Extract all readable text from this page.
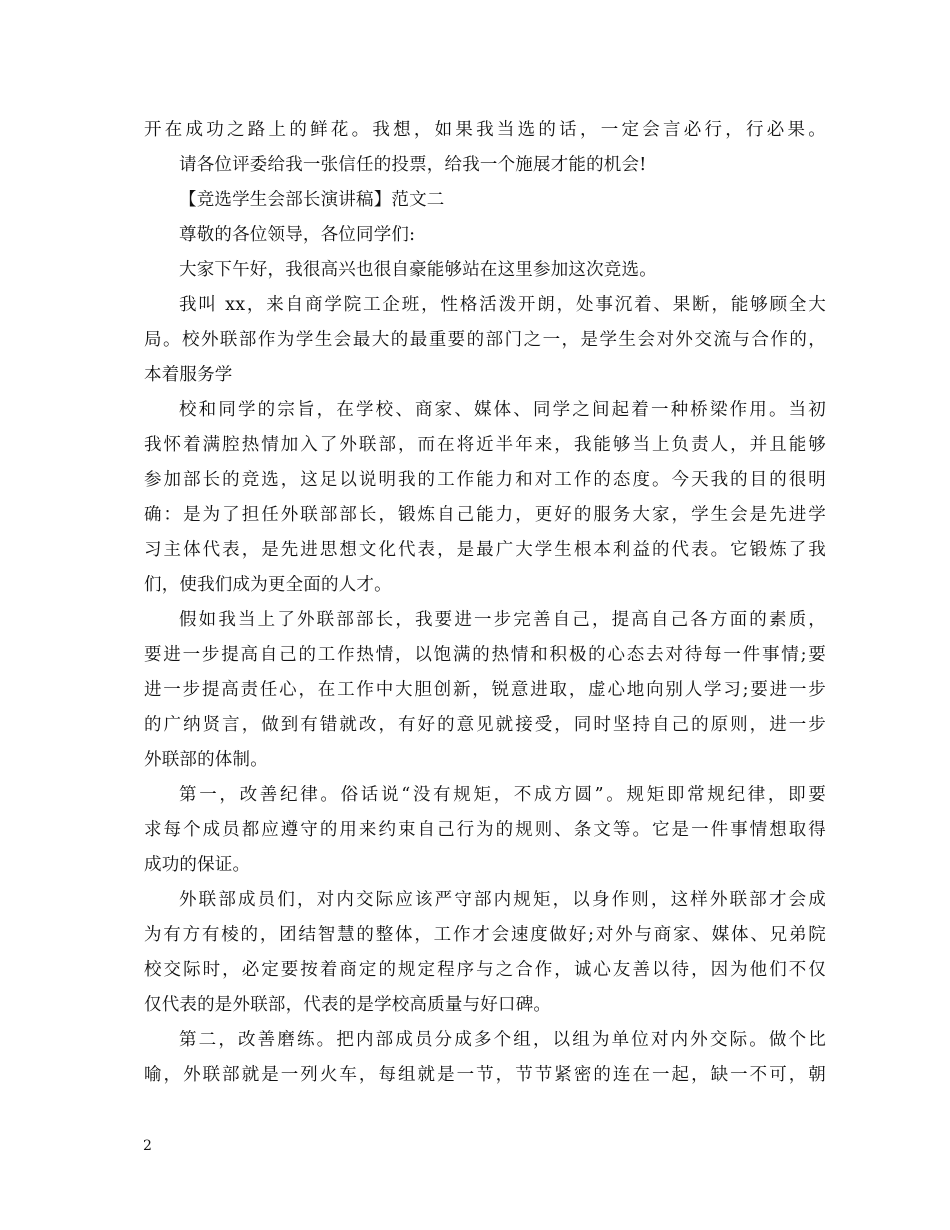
开在成功之路上的鲜花。我想，如果我当选的话，一定会言必行，行必果。
请各位评委给我一张信任的投票，给我一个施展才能的机会!
【竞选学生会部长演讲稿】范文二
尊敬的各位领导，各位同学们:
大家下午好，我很高兴也很自豪能够站在这里参加这次竞选。
我叫 xx，来自商学院工企班，性格活泼开朗，处事沉着、果断，能够顾全大
局。校外联部作为学生会最大的最重要的部门之一，是学生会对外交流与合作的，
本着服务学
校和同学的宗旨，在学校、商家、媒体、同学之间起着一种桥梁作用。当初
我怀着满腔热情加入了外联部，而在将近半年来，我能够当上负责人，并且能够
参加部长的竞选，这足以说明我的工作能力和对工作的态度。今天我的目的很明
确：是为了担任外联部部长，锻炼自己能力，更好的服务大家，学生会是先进学
习主体代表，是先进思想文化代表，是最广大学生根本利益的代表。它锻炼了我
们，使我们成为更全面的人才。
假如我当上了外联部部长，我要进一步完善自己，提高自己各方面的素质，
要进一步提高自己的工作热情，以饱满的热情和积极的心态去对待每一件事情;要
进一步提高责任心，在工作中大胆创新，锐意进取，虚心地向别人学习;要进一步
的广纳贤言，做到有错就改，有好的意见就接受，同时坚持自己的原则，进一步
外联部的体制。
第一，改善纪律。俗话说“没有规矩，不成方圆”。规矩即常规纪律，即要
求每个成员都应遵守的用来约束自己行为的规则、条文等。它是一件事情想取得
成功的保证。
外联部成员们，对内交际应该严守部内规矩，以身作则，这样外联部才会成
为有方有棱的，团结智慧的整体，工作才会速度做好;对外与商家、媒体、兄弟院
校交际时，必定要按着商定的规定程序与之合作，诚心友善以待，因为他们不仅
仅代表的是外联部，代表的是学校高质量与好口碑。
第二，改善磨练。把内部成员分成多个组，以组为单位对内外交际。做个比
喻，外联部就是一列火车，每组就是一节，节节紧密的连在一起，缺一不可，朝
2
